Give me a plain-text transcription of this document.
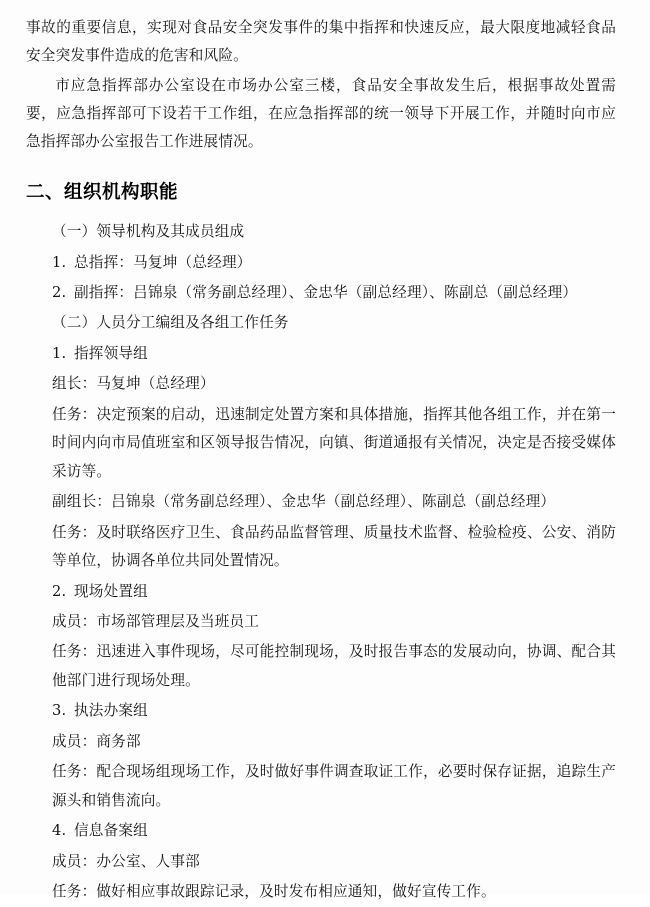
事故的重要信息，实现对食品安全突发事件的集中指挥和快速反应，最大限度地减轻食品安全突发事件造成的危害和风险。

市应急指挥部办公室设在市场办公室三楼，食品安全事故发生后，根据事故处置需要，应急指挥部可下设若干工作组，在应急指挥部的统一领导下开展工作，并随时向市应急指挥部办公室报告工作进展情况。

二、组织机构职能

（一）领导机构及其成员组成

1. 总指挥：马复坤（总经理）

2. 副指挥：吕锦泉（常务副总经理）、金忠华（副总经理）、陈副总（副总经理）

（二）人员分工编组及各组工作任务

1. 指挥领导组

组长：马复坤（总经理）

任务：决定预案的启动，迅速制定处置方案和具体措施，指挥其他各组工作，并在第一时间内向市局值班室和区领导报告情况，向镇、街道通报有关情况，决定是否接受媒体采访等。

副组长：吕锦泉（常务副总经理）、金忠华（副总经理）、陈副总（副总经理）

任务：及时联络医疗卫生、食品药品监督管理、质量技术监督、检验检疫、公安、消防等单位，协调各单位共同处置情况。

2. 现场处置组

成员：市场部管理层及当班员工

任务：迅速进入事件现场，尽可能控制现场，及时报告事态的发展动向，协调、配合其他部门进行现场处理。

3. 执法办案组

成员：商务部

任务：配合现场组现场工作，及时做好事件调查取证工作，必要时保存证据，追踪生产源头和销售流向。

4. 信息备案组

成员：办公室、人事部

任务：做好相应事故跟踪记录，及时发布相应通知，做好宣传工作。
